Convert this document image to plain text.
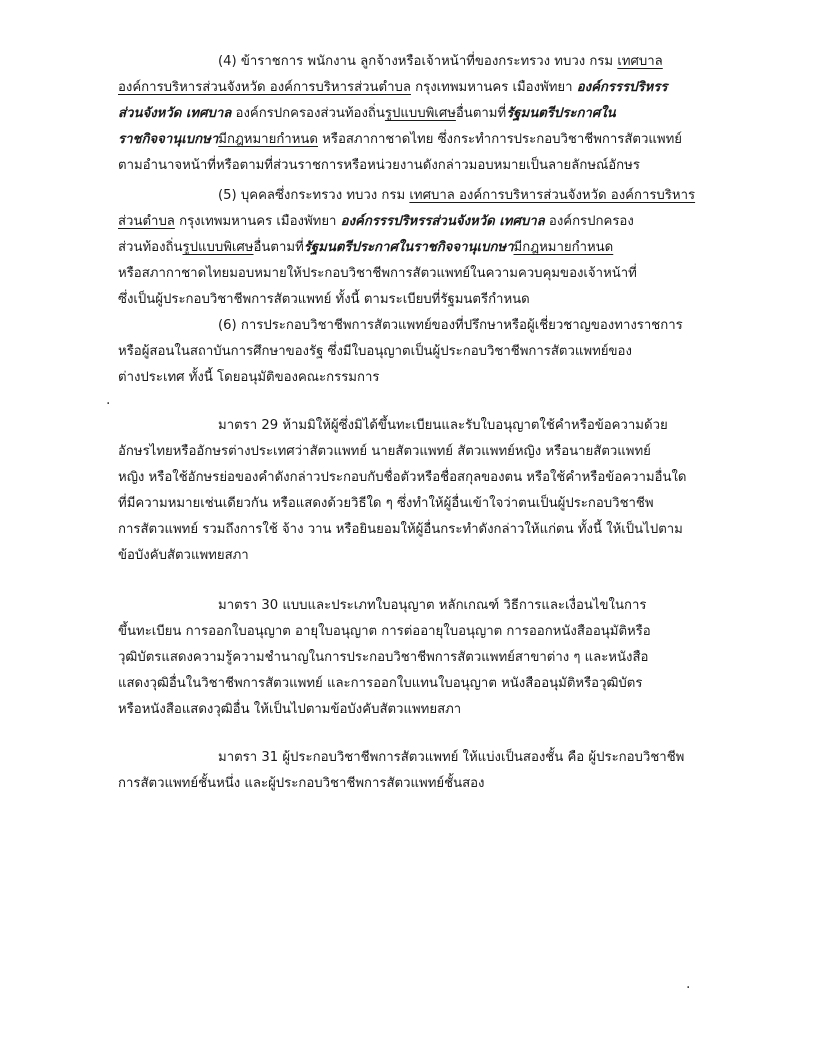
·
·
(4) ข้าราชการ พนักงาน ลูกจ้างหรือเจ้าหน้าที่ของกระทรวง ทบวง กรม เทศบาล
องค์การบริหารส่วนจังหวัด องค์การบริหารส่วนตำบล กรุงเทพมหานคร เมืองพัทยา องค์กรรรปริหรร
ส่วนจังหวัด เทศบาล องค์กรปกครองส่วนท้องถิ่นรูปแบบพิเศษอื่นตามที่รัฐมนตรีประกาศใน
ราชกิจจานุเบกษามีกฎหมายกำหนด หรือสภากาชาดไทย ซึ่งกระทำการประกอบวิชาชีพการสัตวแพทย์
ตามอำนาจหน้าที่หรือตามที่ส่วนราชการหรือหน่วยงานดังกล่าวมอบหมายเป็นลายลักษณ์อักษร
(5) บุคคลซึ่งกระทรวง ทบวง กรม เทศบาล องค์การบริหารส่วนจังหวัด องค์การบริหาร
ส่วนตำบล กรุงเทพมหานคร เมืองพัทยา องค์กรรรปริหรรส่วนจังหวัด เทศบาล องค์กรปกครอง
ส่วนท้องถิ่นรูปแบบพิเศษอื่นตามที่รัฐมนตรีประกาศในราชกิจจานุเบกษามีกฎหมายกำหนด
หรือสภากาชาดไทยมอบหมายให้ประกอบวิชาชีพการสัตวแพทย์ในความควบคุมของเจ้าหน้าที่
ซึ่งเป็นผู้ประกอบวิชาชีพการสัตวแพทย์ ทั้งนี้ ตามระเบียบที่รัฐมนตรีกำหนด
(6) การประกอบวิชาชีพการสัตวแพทย์ของที่ปรึกษาหรือผู้เชี่ยวชาญของทางราชการ
หรือผู้สอนในสถาบันการศึกษาของรัฐ ซึ่งมีใบอนุญาตเป็นผู้ประกอบวิชาชีพการสัตวแพทย์ของ
ต่างประเทศ ทั้งนี้ โดยอนุมัติของคณะกรรมการ
มาตรา 29 ห้ามมิให้ผู้ซึ่งมิได้ขึ้นทะเบียนและรับใบอนุญาตใช้คำหรือข้อความด้วย
อักษรไทยหรืออักษรต่างประเทศว่าสัตวแพทย์ นายสัตวแพทย์ สัตวแพทย์หญิง หรือนายสัตวแพทย์
หญิง หรือใช้อักษรย่อของคำดังกล่าวประกอบกับชื่อตัวหรือชื่อสกุลของตน หรือใช้คำหรือข้อความอื่นใด
ที่มีความหมายเช่นเดียวกัน หรือแสดงด้วยวิธีใด ๆ ซึ่งทำให้ผู้อื่นเข้าใจว่าตนเป็นผู้ประกอบวิชาชีพ
การสัตวแพทย์ รวมถึงการใช้ จ้าง วาน หรือยินยอมให้ผู้อื่นกระทำดังกล่าวให้แก่ตน ทั้งนี้ ให้เป็นไปตาม
ข้อบังคับสัตวแพทยสภา
มาตรา 30 แบบและประเภทใบอนุญาต หลักเกณฑ์ วิธีการและเงื่อนไขในการ
ขึ้นทะเบียน การออกใบอนุญาต อายุใบอนุญาต การต่ออายุใบอนุญาต การออกหนังสืออนุมัติหรือ
วุฒิบัตรแสดงความรู้ความชำนาญในการประกอบวิชาชีพการสัตวแพทย์สาขาต่าง ๆ และหนังสือ
แสดงวุฒิอื่นในวิชาชีพการสัตวแพทย์ และการออกใบแทนใบอนุญาต หนังสืออนุมัติหรือวุฒิบัตร
หรือหนังสือแสดงวุฒิอื่น ให้เป็นไปตามข้อบังคับสัตวแพทยสภา
มาตรา 31 ผู้ประกอบวิชาชีพการสัตวแพทย์ ให้แบ่งเป็นสองชั้น คือ ผู้ประกอบวิชาชีพ
การสัตวแพทย์ชั้นหนึ่ง และผู้ประกอบวิชาชีพการสัตวแพทย์ชั้นสอง
